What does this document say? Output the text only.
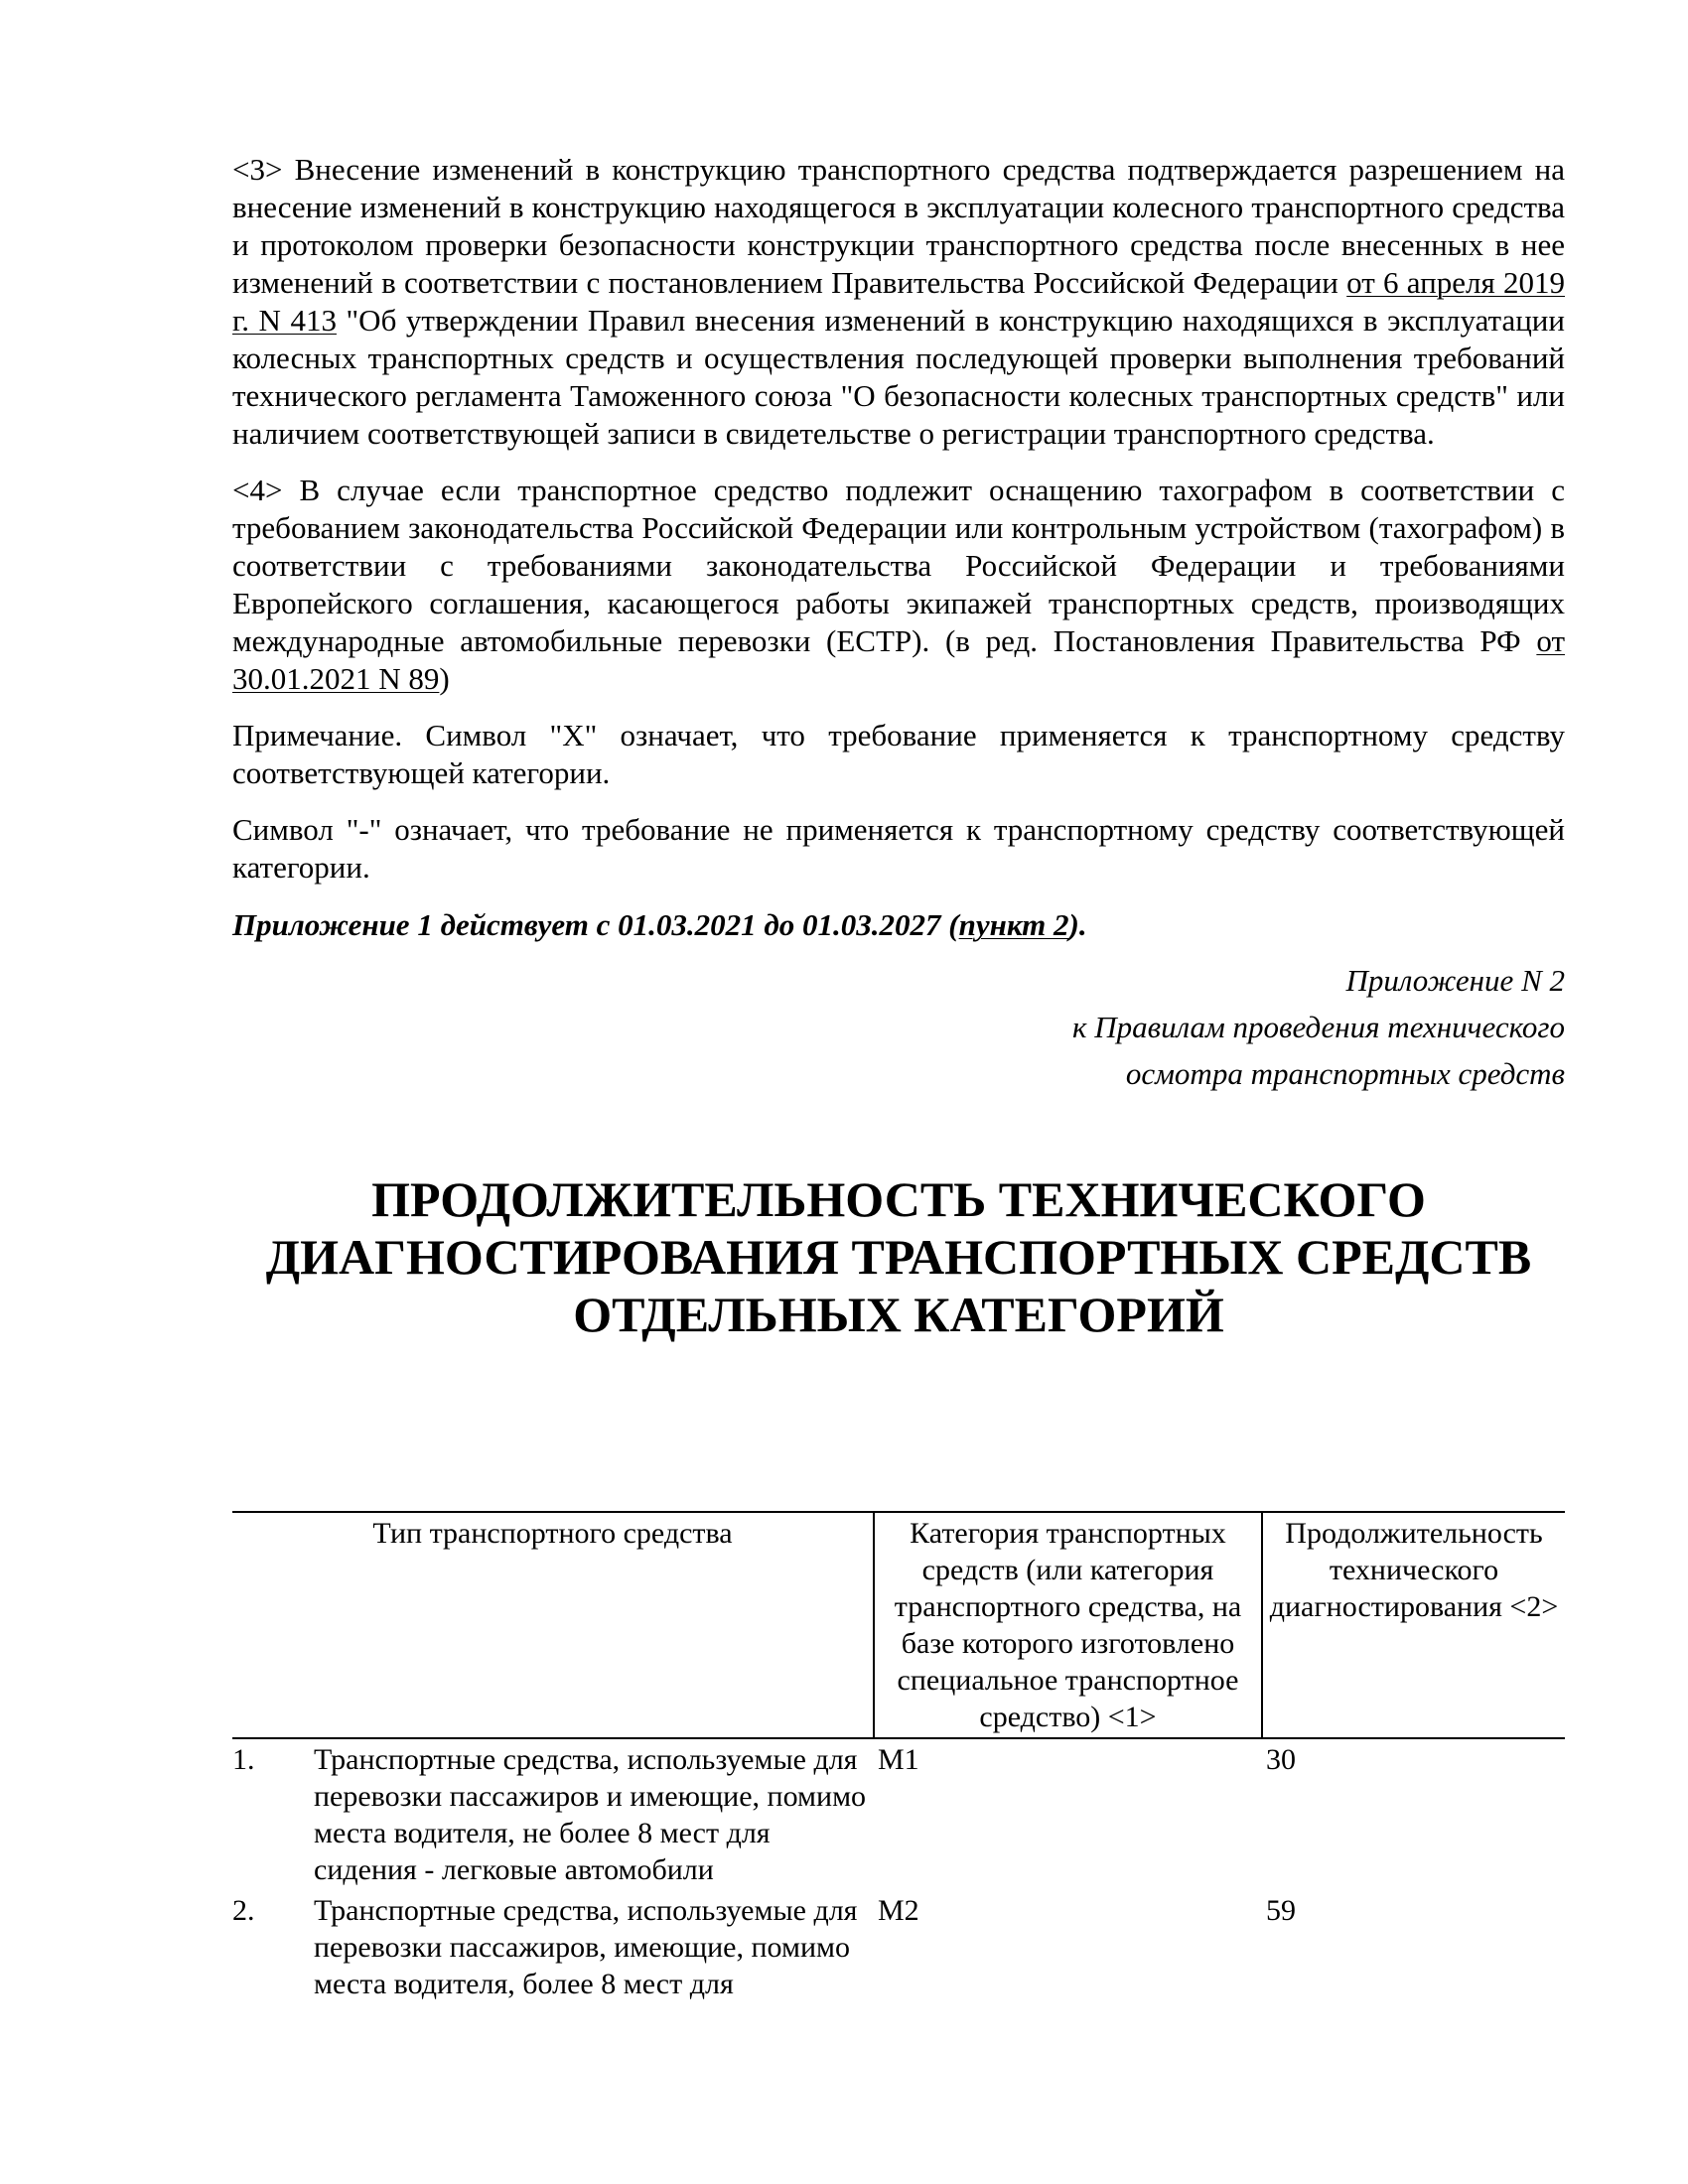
<3> Внесение изменений в конструкцию транспортного средства подтверждается разрешением на внесение изменений в конструкцию находящегося в эксплуатации колесного транспортного средства и протоколом проверки безопасности конструкции транспортного средства после внесенных в нее изменений в соответствии с постановлением Правительства Российской Федерации от 6 апреля 2019 г. N 413 "Об утверждении Правил внесения изменений в конструкцию находящихся в эксплуатации колесных транспортных средств и осуществления последующей проверки выполнения требований технического регламента Таможенного союза "О безопасности колесных транспортных средств" или наличием соответствующей записи в свидетельстве о регистрации транспортного средства.

<4> В случае если транспортное средство подлежит оснащению тахографом в соответствии с требованием законодательства Российской Федерации или контрольным устройством (тахографом) в соответствии с требованиями законодательства Российской Федерации и требованиями Европейского соглашения, касающегося работы экипажей транспортных средств, производящих международные автомобильные перевозки (ЕСТР). (в ред. Постановления Правительства РФ от 30.01.2021 N 89)

Примечание. Символ "X" означает, что требование применяется к транспортному средству соответствующей категории.

Символ "-" означает, что требование не применяется к транспортному средству соответствующей категории.

Приложение 1 действует с 01.03.2021 до 01.03.2027 (пункт 2).

Приложение N 2
к Правилам проведения технического
осмотра транспортных средств
ПРОДОЛЖИТЕЛЬНОСТЬ ТЕХНИЧЕСКОГО
ДИАГНОСТИРОВАНИЯ ТРАНСПОРТНЫХ СРЕДСТВ
ОТДЕЛЬНЫХ КАТЕГОРИЙ
Тип транспортного средства		Категория транспортных средств (или категория транспортного средства, на базе которого изготовлено специальное транспортное средство) <1>	Продолжительность технического диагностирования <2>
1.	Транспортные средства, используемые для перевозки пассажиров и имеющие, помимо места водителя, не более 8 мест для сидения - легковые автомобили	M1	30
2.	Транспортные средства, используемые для перевозки пассажиров, имеющие, помимо места водителя, более 8 мест для	M2	59
